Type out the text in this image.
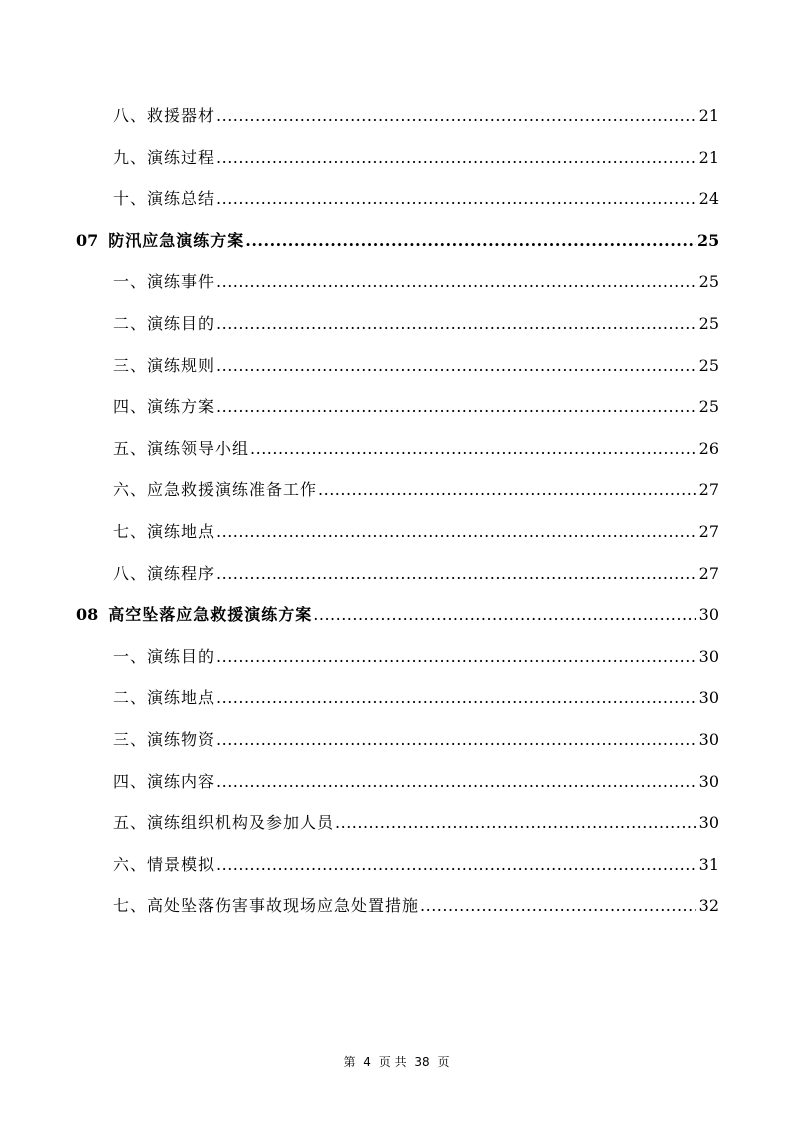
八、救援器材 .....	21
九、演练过程 .....	21
十、演练总结 .....	24
07 防汛应急演练方案 .....	25
一、演练事件 .....	25
二、演练目的 .....	25
三、演练规则 .....	25
四、演练方案 .....	25
五、演练领导小组 .....	26
六、应急救援演练准备工作 .....	27
七、演练地点 .....	27
八、演练程序 .....	27
08 高空坠落应急救援演练方案 .....	30
一、演练目的 .....	30
二、演练地点 .....	30
三、演练物资 .....	30
四、演练内容 .....	30
五、演练组织机构及参加人员 .....	30
六、情景模拟 .....	31
七、高处坠落伤害事故现场应急处置措施 .....	32
第 4 页 共 38 页
